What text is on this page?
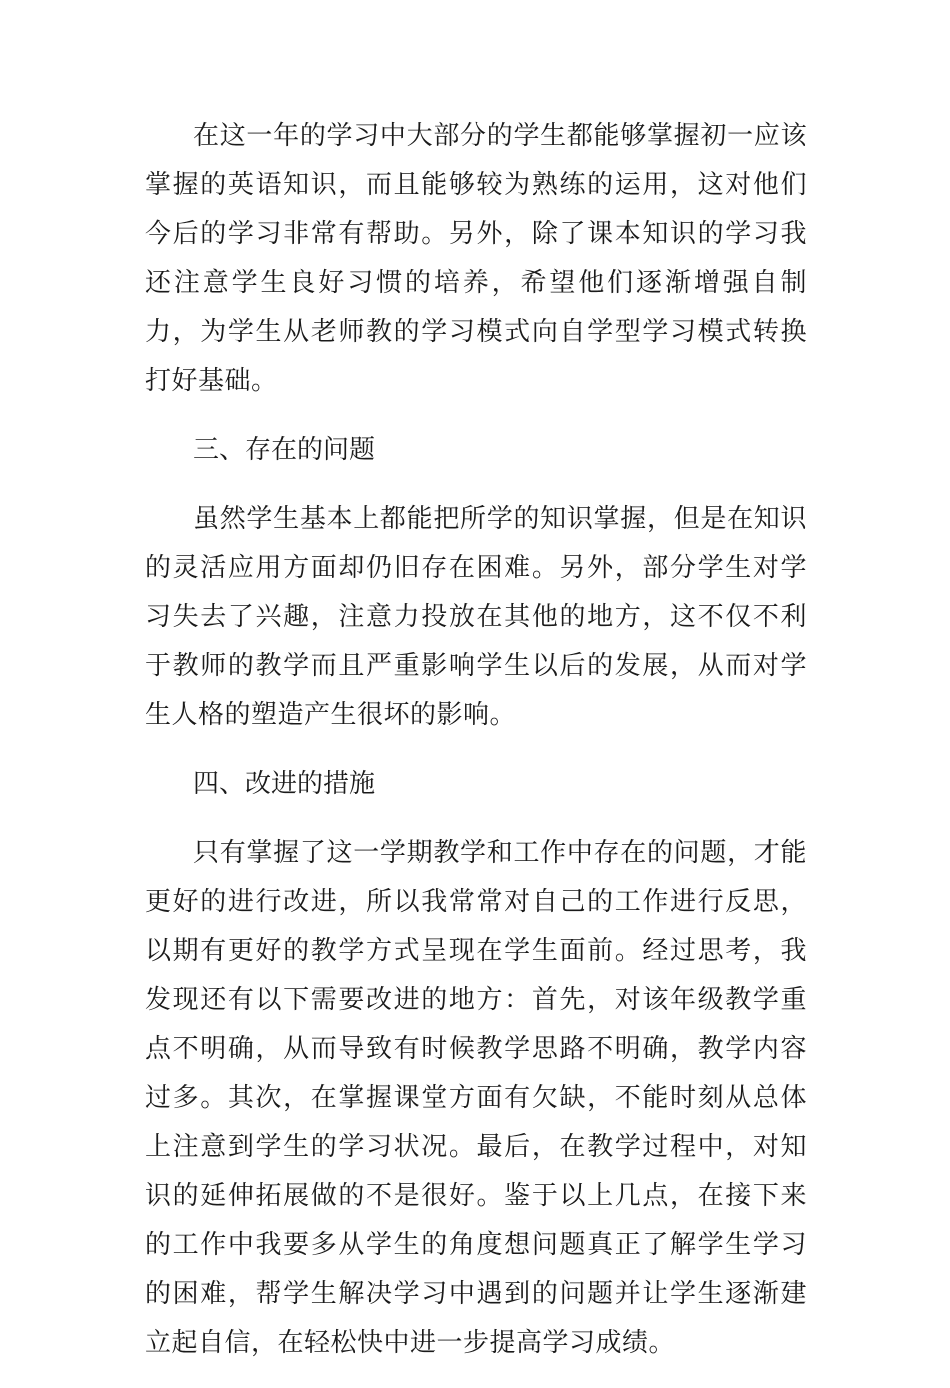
在这一年的学习中大部分的学生都能够掌握初一应该掌握的英语知识，而且能够较为熟练的运用，这对他们今后的学习非常有帮助。另外，除了课本知识的学习我还注意学生良好习惯的培养，希望他们逐渐增强自制力，为学生从老师教的学习模式向自学型学习模式转换打好基础。

三、存在的问题

虽然学生基本上都能把所学的知识掌握，但是在知识的灵活应用方面却仍旧存在困难。另外，部分学生对学习失去了兴趣，注意力投放在其他的地方，这不仅不利于教师的教学而且严重影响学生以后的发展，从而对学生人格的塑造产生很坏的影响。

四、改进的措施

只有掌握了这一学期教学和工作中存在的问题，才能更好的进行改进，所以我常常对自己的工作进行反思，以期有更好的教学方式呈现在学生面前。经过思考，我发现还有以下需要改进的地方：首先，对该年级教学重点不明确，从而导致有时候教学思路不明确，教学内容过多。其次，在掌握课堂方面有欠缺，不能时刻从总体上注意到学生的学习状况。最后，在教学过程中，对知识的延伸拓展做的不是很好。鉴于以上几点，在接下来的工作中我要多从学生的角度想问题真正了解学生学习的困难，帮学生解决学习中遇到的问题并让学生逐渐建立起自信，在轻松快中进一步提高学习成绩。
